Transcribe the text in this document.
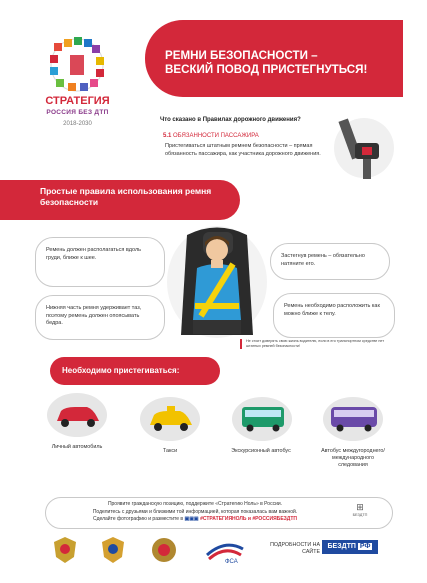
СТРАТЕГИЯ
РОССИЯ БЕЗ ДТП
2018-2030
РЕМНИ БЕЗОПАСНОСТИ –
ВЕСКИЙ ПОВОД ПРИСТЕГНУТЬСЯ!
Что сказано в Правилах дорожного движения?
5.1 ОБЯЗАННОСТИ ПАССАЖИРА
Пристегиваться штатным ремнем безопасности – прямая обязанность пассажира, как участника дорожного движения.
Простые правила использования ремня безопасности
Ремень должен располагаться вдоль груди, ближе к шее.
Нижняя часть ремня удерживает таз, поэтому ремень должен опоясывать бедра.
Застегнув ремень – обязательно натяните его.
Ремень необходимо расположить как можно ближе к телу.
Не стоит доверять свою жизнь водителю, если в его транспортном средстве нет штатных ремней безопасности!
Необходимо пристегиваться:
Личный автомобиль
Такси	Экскурсионный автобус	Автобус междугороднего/ международного следования
Проявите гражданскую позицию, поддержите «Стратегию Ноль» в России.
Поделитесь с друзьями и близкими той информацией, которая показалась вам важной.
Сделайте фотографию и разместите в ▣▣▣ #СТРАТЕГИЯНОЛЬ и #РОССИЯБЕЗДТП
⊞
БЕЗДТП
ФСА
ПОДРОБНОСТИ НА САЙТЕ
БЕЗДТП РФ
